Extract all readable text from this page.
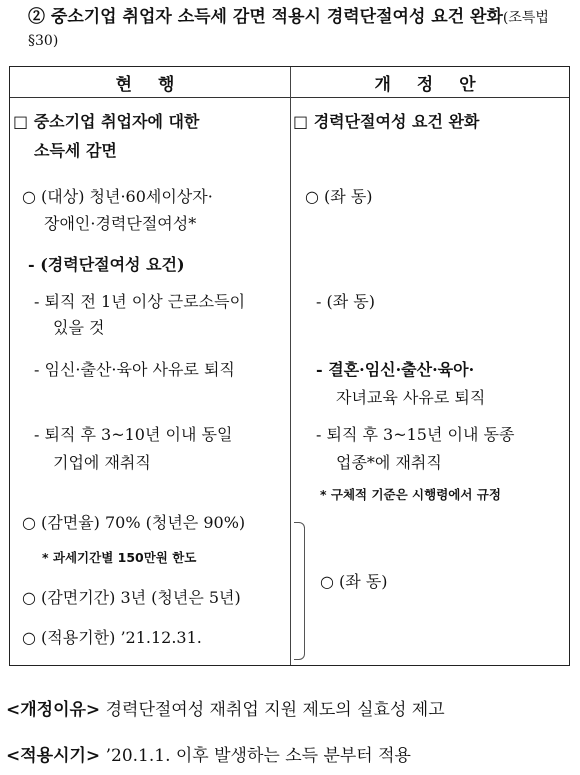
② 중소기업 취업자 소득세 감면 적용시 경력단절여성 요건 완화(조특법 §30)
현 행	개 정 안
□ 중소기업 취업자에 대한
소득세 감면
○ (대상) 청년·60세이상자·
장애인·경력단절여성*
- (경력단절여성 요건)
- 퇴직 전 1년 이상 근로소득이
있을 것
- 임신·출산·육아 사유로 퇴직
- 퇴직 후 3~10년 이내 동일
기업에 재취직
○ (감면율) 70% (청년은 90%)
* 과세기간별 150만원 한도
○ (감면기간) 3년 (청년은 5년)
○ (적용기한) ’21.12.31.
□ 경력단절여성 요건 완화
○ (좌 동)
- (좌 동)
- 결혼·임신·출산·육아·
자녀교육 사유로 퇴직
- 퇴직 후 3~15년 이내 동종
업종*에 재취직
* 구체적 기준은 시행령에서 규정
○ (좌 동)
<개정이유> 경력단절여성 재취업 지원 제도의 실효성 제고
<적용시기> ’20.1.1. 이후 발생하는 소득 분부터 적용
